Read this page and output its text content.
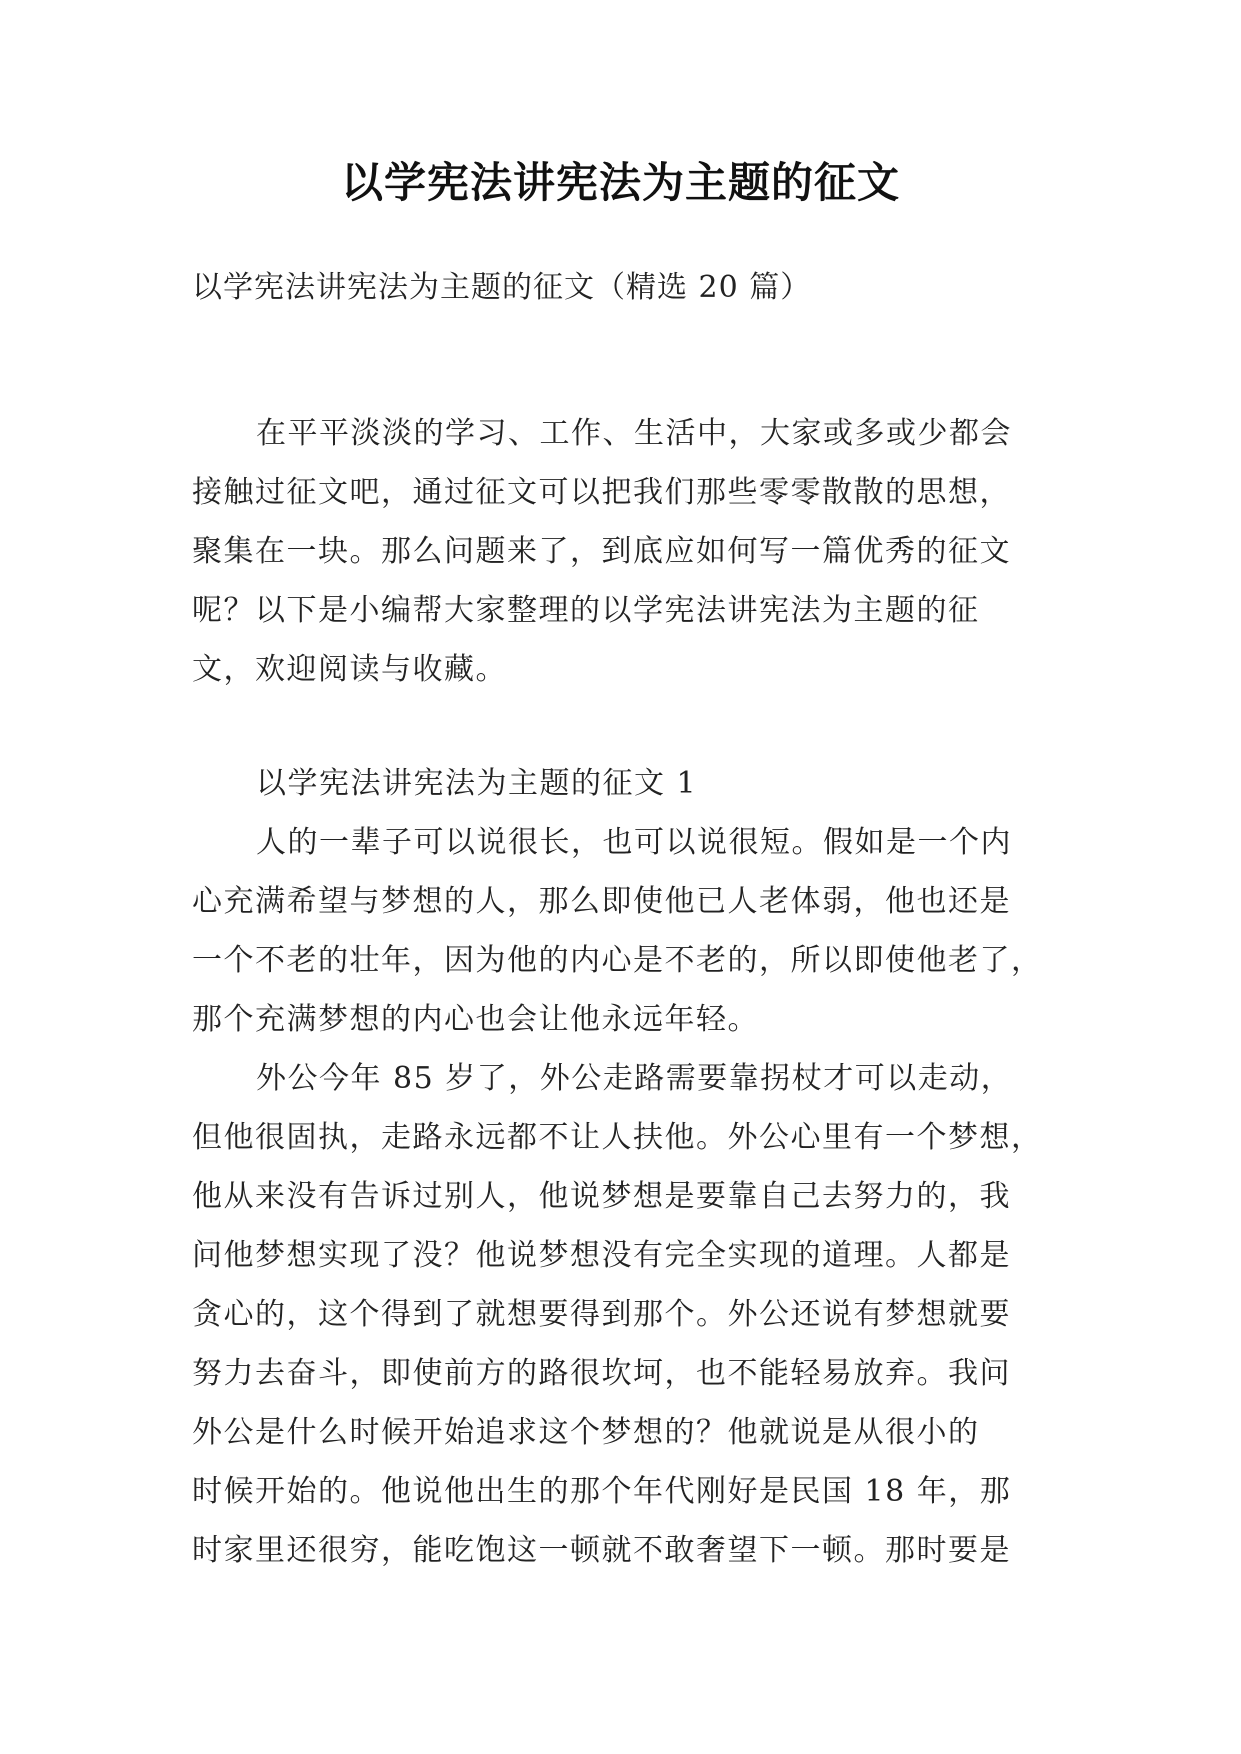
以学宪法讲宪法为主题的征文
以学宪法讲宪法为主题的征文（精选 20 篇）
在平平淡淡的学习、工作、生活中，大家或多或少都会
接触过征文吧，通过征文可以把我们那些零零散散的思想，
聚集在一块。那么问题来了，到底应如何写一篇优秀的征文
呢？以下是小编帮大家整理的以学宪法讲宪法为主题的征
文，欢迎阅读与收藏。
以学宪法讲宪法为主题的征文 1
人的一辈子可以说很长，也可以说很短。假如是一个内
心充满希望与梦想的人，那么即使他已人老体弱，他也还是
一个不老的壮年，因为他的内心是不老的，所以即使他老了，
那个充满梦想的内心也会让他永远年轻。
外公今年 85 岁了，外公走路需要靠拐杖才可以走动，
但他很固执，走路永远都不让人扶他。外公心里有一个梦想，
他从来没有告诉过别人，他说梦想是要靠自己去努力的，我
问他梦想实现了没？他说梦想没有完全实现的道理。人都是
贪心的，这个得到了就想要得到那个。外公还说有梦想就要
努力去奋斗，即使前方的路很坎坷，也不能轻易放弃。我问
外公是什么时候开始追求这个梦想的？他就说是从很小的
时候开始的。他说他出生的那个年代刚好是民国 18 年，那
时家里还很穷，能吃饱这一顿就不敢奢望下一顿。那时要是
